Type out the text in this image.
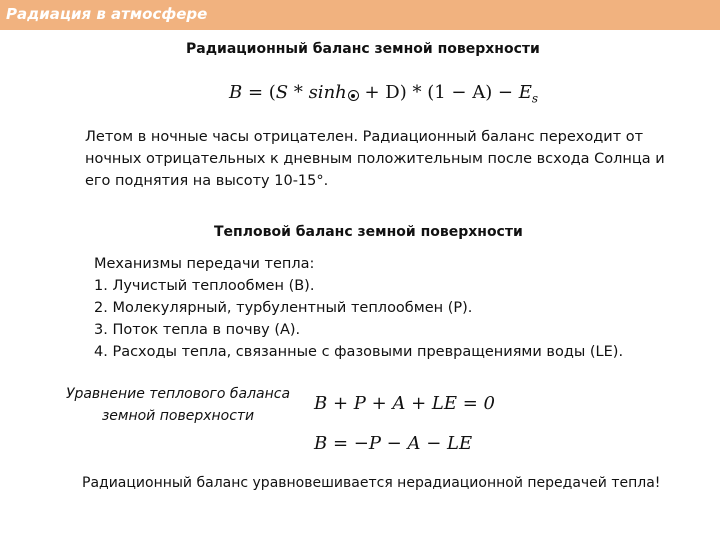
Радиация в атмосфере
Радиационный баланс земной поверхности
$B = (S * \sinh + D) * (1 - A) - E_s$
Летом в ночные часы отрицателен. Радиационный баланс переходит от ночных отрицательных к дневным положительным после всхода Солнца и его поднятия на высоту 10-15°.
Тепловой баланс земной поверхности
Механизмы передачи тепла:
1. Лучистый теплообмен (В).
2. Молекулярный, турбулентный теплообмен (Р).
3. Поток тепла в почву (А).
4. Расходы тепла, связанные с фазовыми превращениями воды (LE).
Уравнение теплового баланса
земной поверхности
B + P + A + LE = 0
B = −P − A − LE
Радиационный баланс уравновешивается нерадиационной передачей тепла!
